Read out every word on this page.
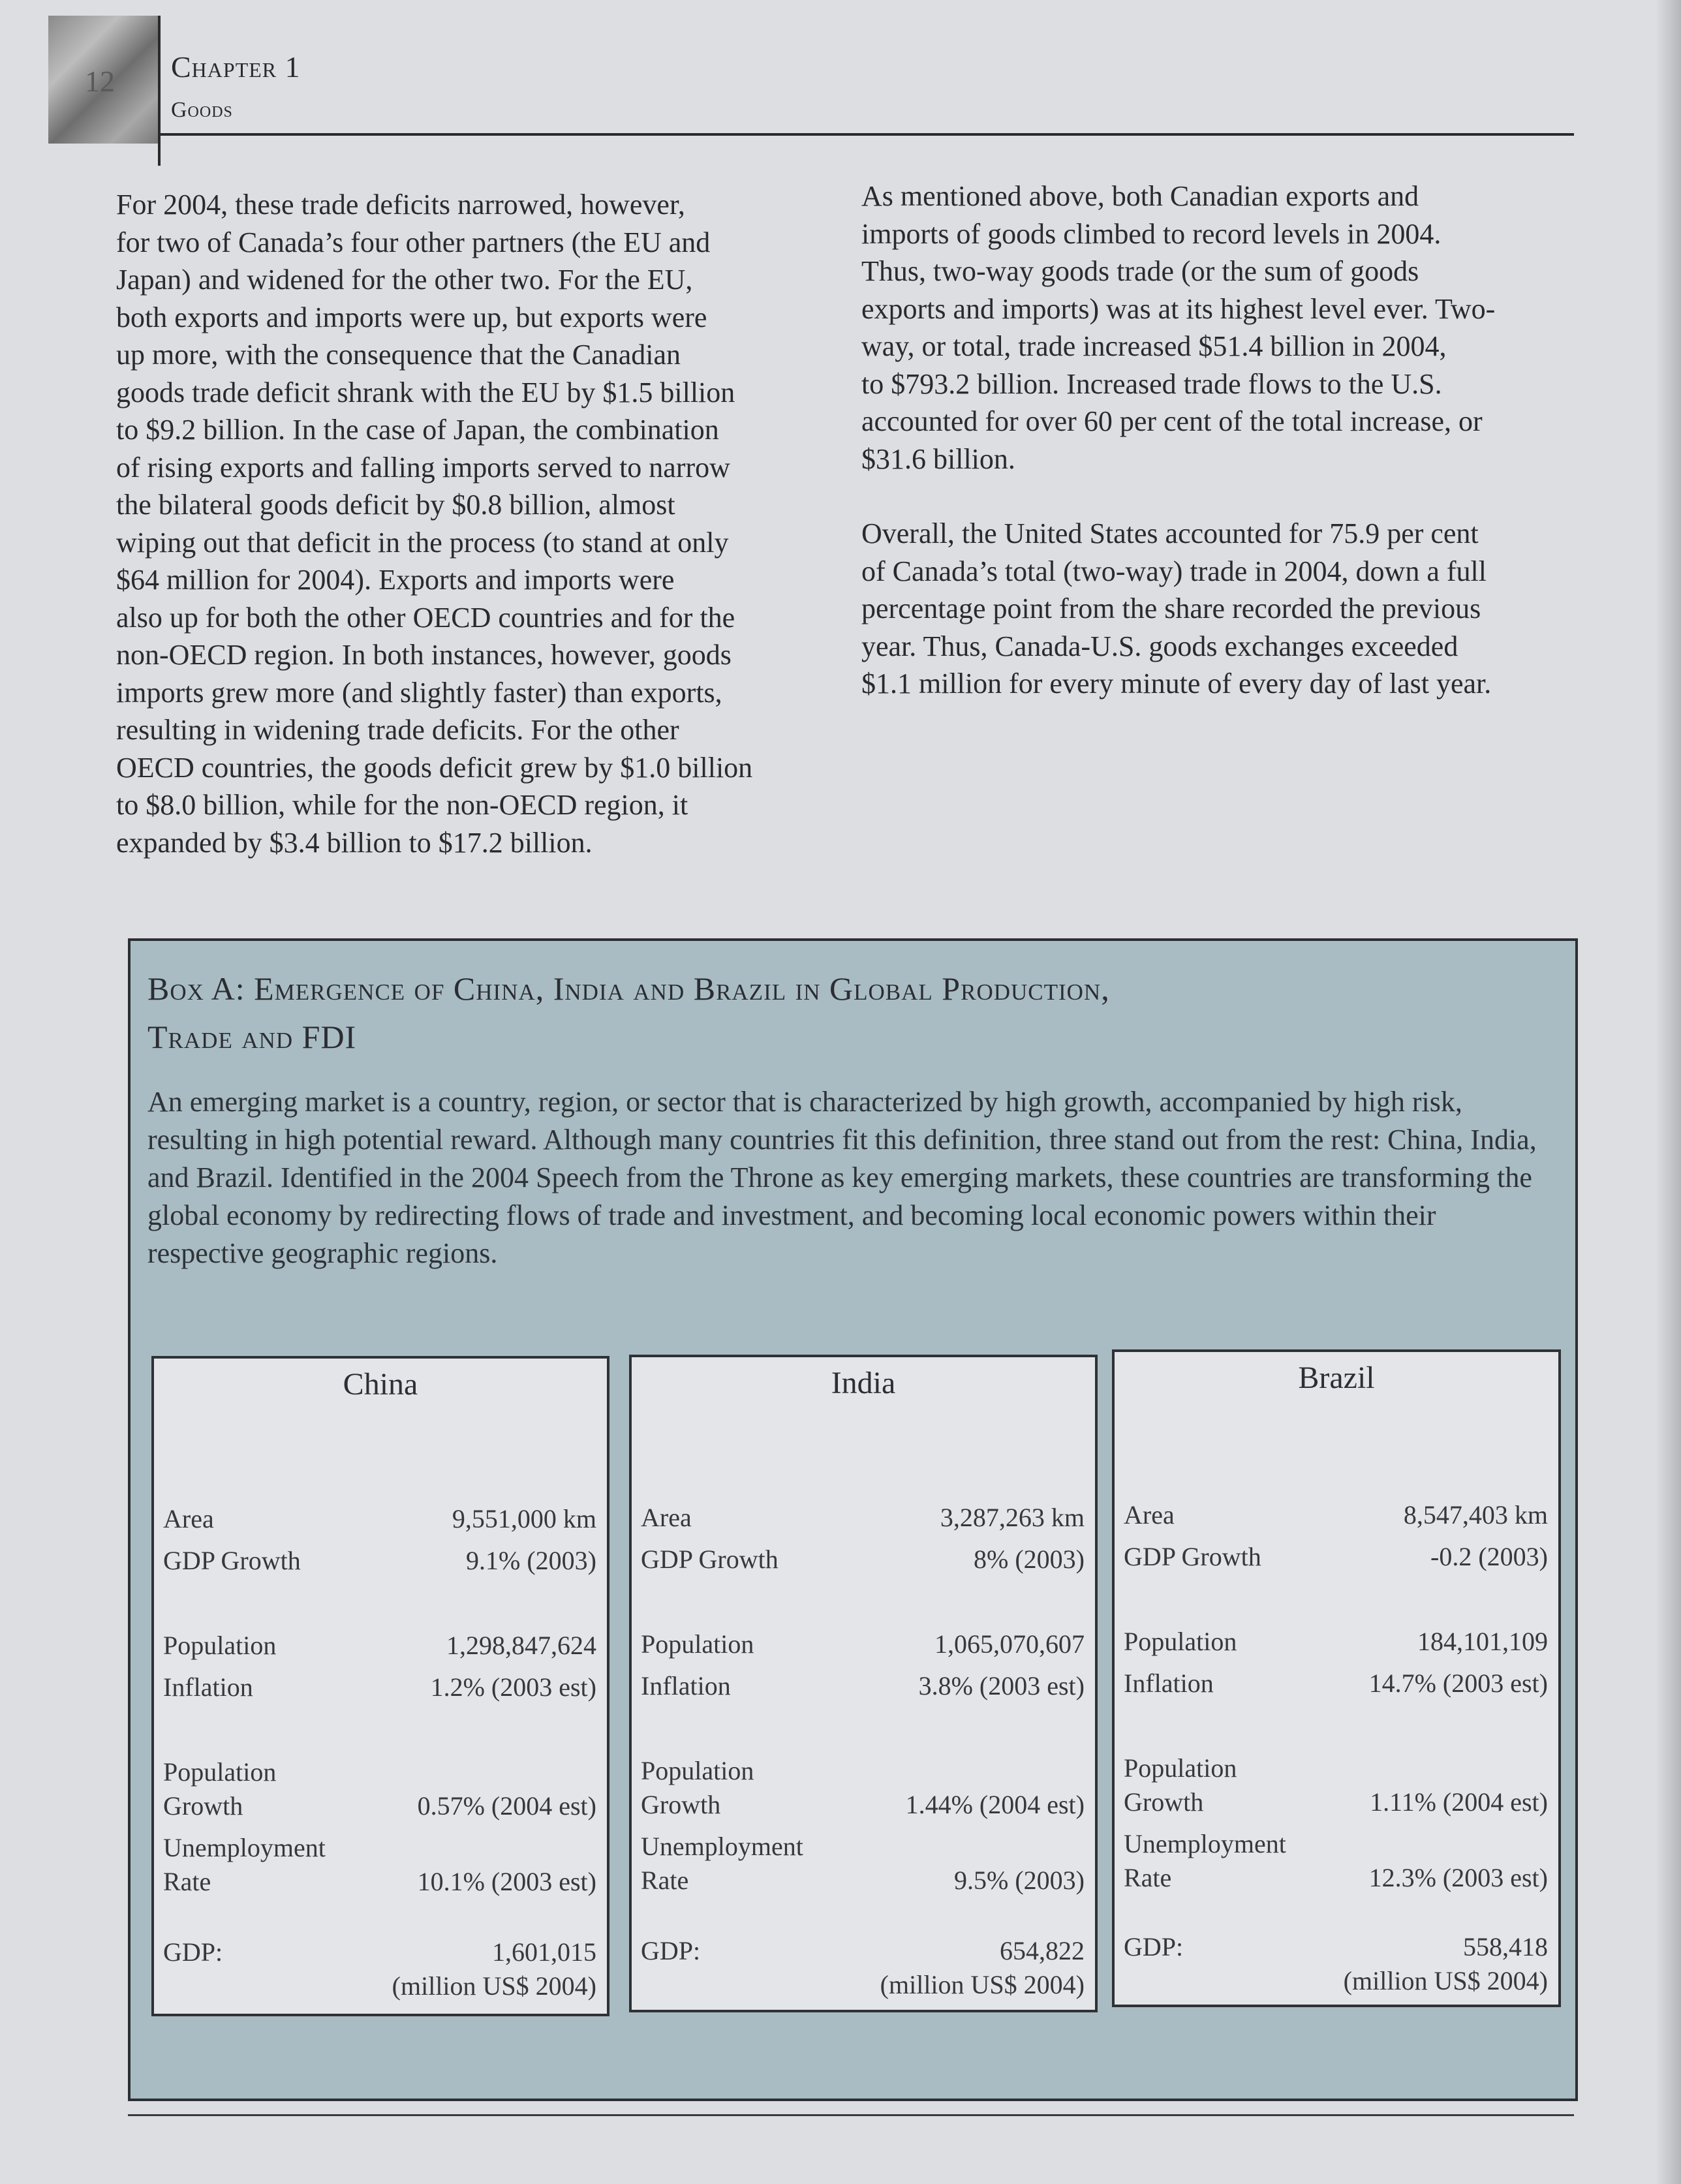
12 Chapter 1
Goods

For 2004, these trade deficits narrowed, however,
for two of Canada’s four other partners (the EU and
Japan) and widened for the other two. For the EU,
both exports and imports were up, but exports were
up more, with the consequence that the Canadian
goods trade deficit shrank with the EU by $1.5 billion
to $9.2 billion. In the case of Japan, the combination
of rising exports and falling imports served to narrow
the bilateral goods deficit by $0.8 billion, almost
wiping out that deficit in the process (to stand at only
$64 million for 2004). Exports and imports were
also up for both the other OECD countries and for the
non-OECD region. In both instances, however, goods
imports grew more (and slightly faster) than exports,
resulting in widening trade deficits. For the other
OECD countries, the goods deficit grew by $1.0 billion
to $8.0 billion, while for the non-OECD region, it
expanded by $3.4 billion to $17.2 billion.

As mentioned above, both Canadian exports and
imports of goods climbed to record levels in 2004.
Thus, two-way goods trade (or the sum of goods
exports and imports) was at its highest level ever. Two-
way, or total, trade increased $51.4 billion in 2004,
to $793.2 billion. Increased trade flows to the U.S.
accounted for over 60 per cent of the total increase, or
$31.6 billion.

Overall, the United States accounted for 75.9 per cent
of Canada’s total (two-way) trade in 2004, down a full
percentage point from the share recorded the previous
year. Thus, Canada-U.S. goods exchanges exceeded
$1.1 million for every minute of every day of last year.

Box A: Emergence of China, India and Brazil in Global Production,
Trade and FDI
An emerging market is a country, region, or sector that is characterized by high growth, accompanied by high risk, resulting in high potential reward. Although many countries fit this definition, three stand out from the rest: China, India, and Brazil. Identified in the 2004 Speech from the Throne as key emerging markets, these countries are transforming the global economy by redirecting flows of trade and investment, and becoming local economic powers within their respective geographic regions.
China
Area	9,551,000 km
GDP Growth	9.1% (2003)
Population	1,298,847,624
Inflation	1.2% (2003 est)
Population
Growth	0.57% (2004 est)
Unemployment
Rate	10.1% (2003 est)
GDP:	1,601,015
(million US$ 2004)
India
Area	3,287,263 km
GDP Growth	8% (2003)
Population	1,065,070,607
Inflation	3.8% (2003 est)
Population
Growth	1.44% (2004 est)
Unemployment
Rate	9.5% (2003)
GDP:	654,822
(million US$ 2004)
Brazil
Area	8,547,403 km
GDP Growth	-0.2 (2003)
Population	184,101,109
Inflation	14.7% (2003 est)
Population
Growth	1.11% (2004 est)
Unemployment
Rate	12.3% (2003 est)
GDP:	558,418
(million US$ 2004)
